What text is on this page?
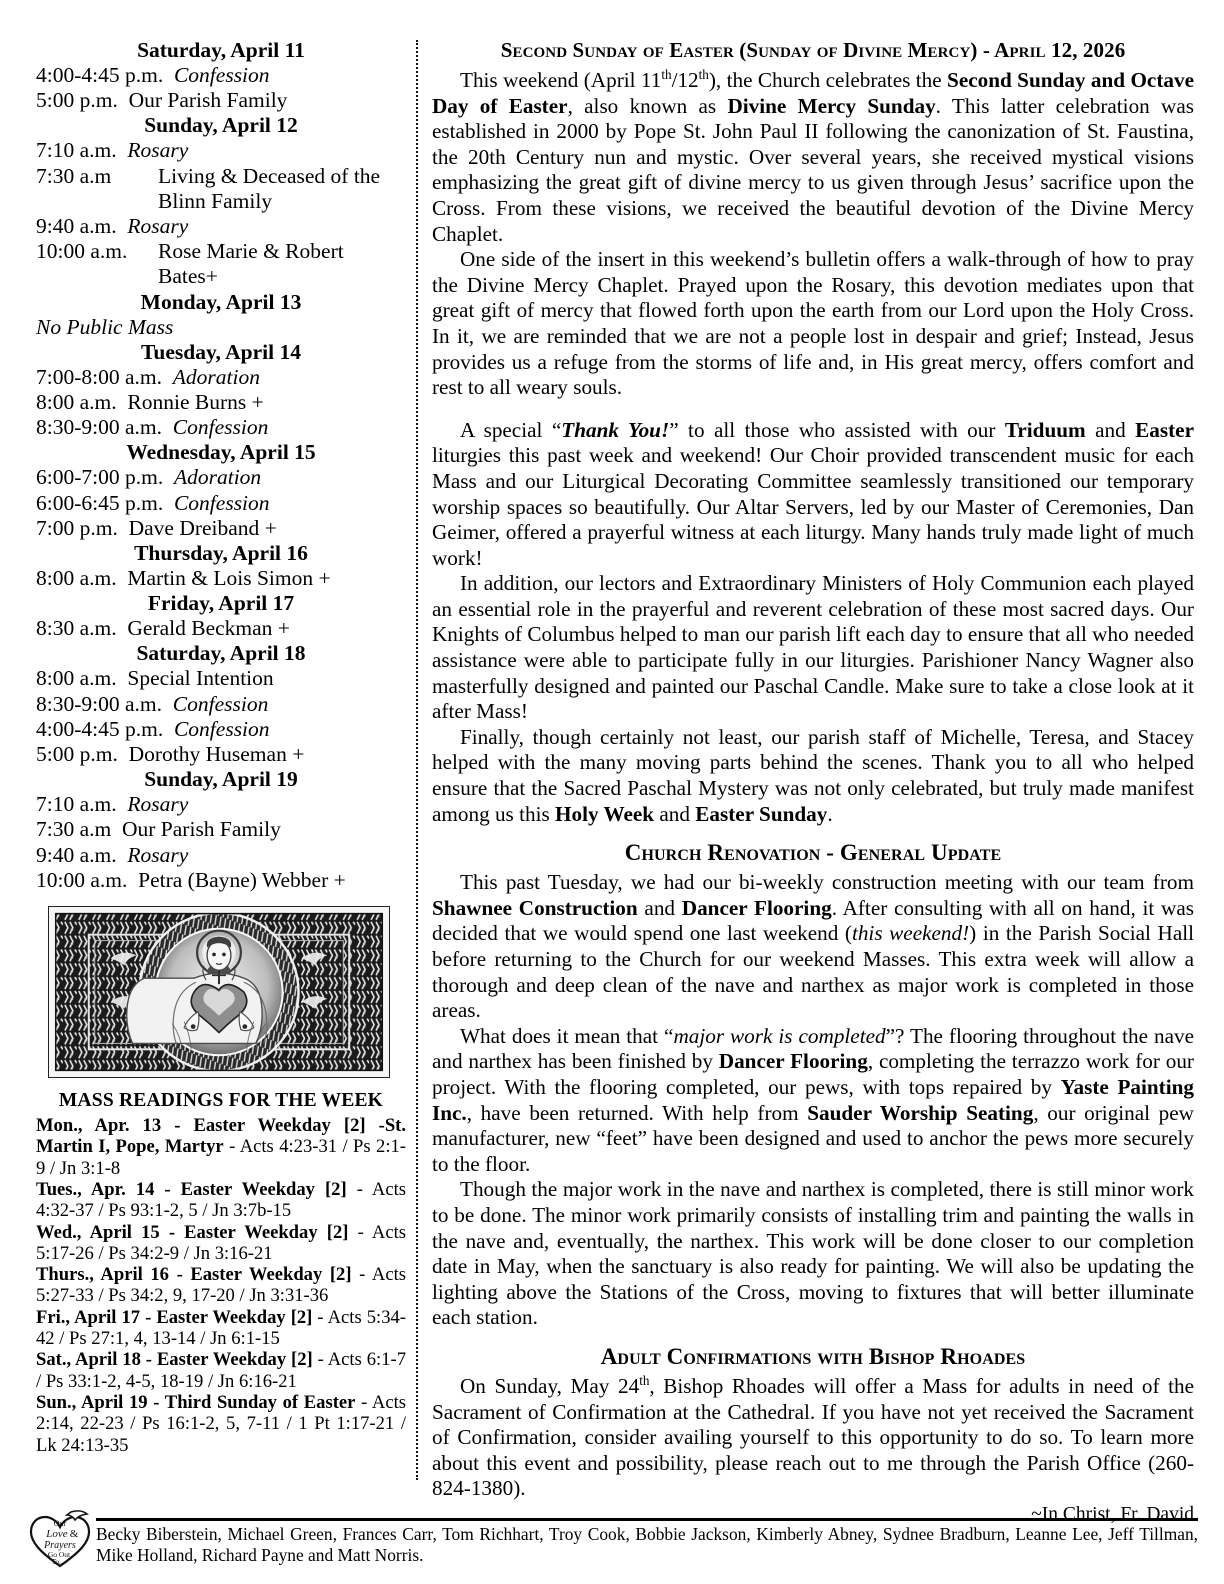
Saturday, April 11
4:00-4:45 p.m. Confession
5:00 p.m. Our Parish Family
Sunday, April 12
7:10 a.m. Rosary
7:30 a.m Living & Deceased of the Blinn Family
9:40 a.m. Rosary
10:00 a.m. Rose Marie & Robert Bates+
Monday, April 13
No Public Mass
Tuesday, April 14
7:00-8:00 a.m. Adoration
8:00 a.m. Ronnie Burns +
8:30-9:00 a.m. Confession
Wednesday, April 15
6:00-7:00 p.m. Adoration
6:00-6:45 p.m. Confession
7:00 p.m. Dave Dreiband +
Thursday, April 16
8:00 a.m. Martin & Lois Simon +
Friday, April 17
8:30 a.m. Gerald Beckman +
Saturday, April 18
8:00 a.m. Special Intention
8:30-9:00 a.m. Confession
4:00-4:45 p.m. Confession
5:00 p.m. Dorothy Huseman +
Sunday, April 19
7:10 a.m. Rosary
7:30 a.m Our Parish Family
9:40 a.m. Rosary
10:00 a.m. Petra (Bayne) Webber +
MASS READINGS FOR THE WEEK

Mon., Apr. 13 - Easter Weekday [2] -St. Martin I, Pope, Martyr - Acts 4:23-31 / Ps 2:1-9 / Jn 3:1-8

Tues., Apr. 14 - Easter Weekday [2] - Acts 4:32-37 / Ps 93:1-2, 5 / Jn 3:7b-15

Wed., April 15 - Easter Weekday [2] - Acts 5:17-26 / Ps 34:2-9 / Jn 3:16-21

Thurs., April 16 - Easter Weekday [2] - Acts 5:27-33 / Ps 34:2, 9, 17-20 / Jn 3:31-36

Fri., April 17 - Easter Weekday [2] - Acts 5:34-42 / Ps 27:1, 4, 13-14 / Jn 6:1-15

Sat., April 18 - Easter Weekday [2] - Acts 6:1-7 / Ps 33:1-2, 4-5, 18-19 / Jn 6:16-21

Sun., April 19 - Third Sunday of Easter - Acts 2:14, 22-23 / Ps 16:1-2, 5, 7-11 / 1 Pt 1:17-21 / Lk 24:13-35

Second Sunday of Easter (Sunday of Divine Mercy) - April 12, 2026

This weekend (April 11th/12th), the Church celebrates the Second Sunday and Octave Day of Easter, also known as Divine Mercy Sunday. This latter celebration was established in 2000 by Pope St. John Paul II following the canonization of St. Faustina, the 20th Century nun and mystic. Over several years, she received mystical visions emphasizing the great gift of divine mercy to us given through Jesus’ sacrifice upon the Cross. From these visions, we received the beautiful devotion of the Divine Mercy Chaplet.

One side of the insert in this weekend’s bulletin offers a walk-through of how to pray the Divine Mercy Chaplet. Prayed upon the Rosary, this devotion mediates upon that great gift of mercy that flowed forth upon the earth from our Lord upon the Holy Cross. In it, we are reminded that we are not a people lost in despair and grief; Instead, Jesus provides us a refuge from the storms of life and, in His great mercy, offers comfort and rest to all weary souls.

A special “Thank You!” to all those who assisted with our Triduum and Easter liturgies this past week and weekend! Our Choir provided transcendent music for each Mass and our Liturgical Decorating Committee seamlessly transitioned our temporary worship spaces so beautifully. Our Altar Servers, led by our Master of Ceremonies, Dan Geimer, offered a prayerful witness at each liturgy. Many hands truly made light of much work!

In addition, our lectors and Extraordinary Ministers of Holy Communion each played an essential role in the prayerful and reverent celebration of these most sacred days. Our Knights of Columbus helped to man our parish lift each day to ensure that all who needed assistance were able to participate fully in our liturgies. Parishioner Nancy Wagner also masterfully designed and painted our Paschal Candle. Make sure to take a close look at it after Mass!

Finally, though certainly not least, our parish staff of Michelle, Teresa, and Stacey helped with the many moving parts behind the scenes. Thank you to all who helped ensure that the Sacred Paschal Mystery was not only celebrated, but truly made manifest among us this Holy Week and Easter Sunday.

Church Renovation - General Update

This past Tuesday, we had our bi-weekly construction meeting with our team from Shawnee Construction and Dancer Flooring. After consulting with all on hand, it was decided that we would spend one last weekend (this weekend!) in the Parish Social Hall before returning to the Church for our weekend Masses. This extra week will allow a thorough and deep clean of the nave and narthex as major work is completed in those areas.

What does it mean that “major work is completed”? The flooring throughout the nave and narthex has been finished by Dancer Flooring, completing the terrazzo work for our project. With the flooring completed, our pews, with tops repaired by Yaste Painting Inc., have been returned. With help from Sauder Worship Seating, our original pew manufacturer, new “feet” have been designed and used to anchor the pews more securely to the floor.

Though the major work in the nave and narthex is completed, there is still minor work to be done. The minor work primarily consists of installing trim and painting the walls in the nave and, eventually, the narthex. This work will be done closer to our completion date in May, when the sanctuary is also ready for painting. We will also be updating the lighting above the Stations of the Cross, moving to fixtures that will better illuminate each station.

Adult Confirmations with Bishop Rhoades

On Sunday, May 24th, Bishop Rhoades will offer a Mass for adults in need of the Sacrament of Confirmation at the Cathedral. If you have not yet received the Sacrament of Confirmation, consider availing yourself to this opportunity to do so. To learn more about this event and possibility, please reach out to me through the Parish Office (260-824-1380).

~In Christ, Fr. David

Our
Love &
Prayers
Go Out
To...
Becky Biberstein, Michael Green, Frances Carr, Tom Richhart, Troy Cook, Bobbie Jackson, Kimberly Abney, Sydnee Bradburn, Leanne Lee, Jeff Tillman, Mike Holland, Richard Payne and Matt Norris.
